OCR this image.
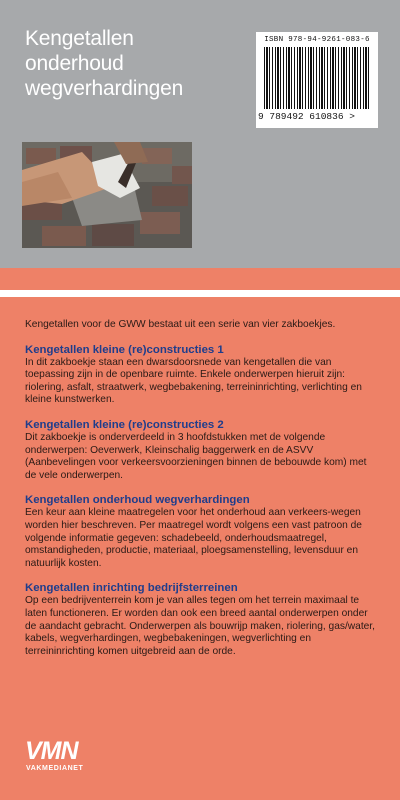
Kengetallen
onderhoud
wegverhardingen
ISBN 978-94-9261-083-6
9 789492 610836 >

Kengetallen voor de GWW bestaat uit een serie van vier zakboekjes.

Kengetallen kleine (re)constructies 1

In dit zakboekje staan een dwarsdoorsnede van kengetallen die van toepassing zijn in de openbare ruimte. Enkele onderwerpen hieruit zijn: riolering, asfalt, straatwerk, wegbebakening, terreininrichting, verlichting en kleine kunstwerken.

Kengetallen kleine (re)constructies 2

Dit zakboekje is onderverdeeld in 3 hoofdstukken met de volgende onderwerpen: Oeverwerk, Kleinschalig baggerwerk en de ASVV (Aanbevelingen voor verkeersvoorzieningen binnen de bebouwde kom) met de vele onderwerpen.

Kengetallen onderhoud wegverhardingen

Een keur aan kleine maatregelen voor het onderhoud aan verkeers-wegen worden hier beschreven. Per maatregel wordt volgens een vast patroon de volgende informatie gegeven: schadebeeld, onderhoudsmaatregel, omstandigheden, productie, materiaal, ploegsamenstelling, levensduur en natuurlijk kosten.

Kengetallen inrichting bedrijfsterreinen

Op een bedrijventerrein kom je van alles tegen om het terrein maximaal te laten functioneren. Er worden dan ook een breed aantal onderwerpen onder de aandacht gebracht. Onderwerpen als bouwrijp maken, riolering, gas/water, kabels, wegverhardingen, wegbebakeningen, wegverlichting en terreininrichting komen uitgebreid aan de orde.

VMN
VAKMEDIANET
